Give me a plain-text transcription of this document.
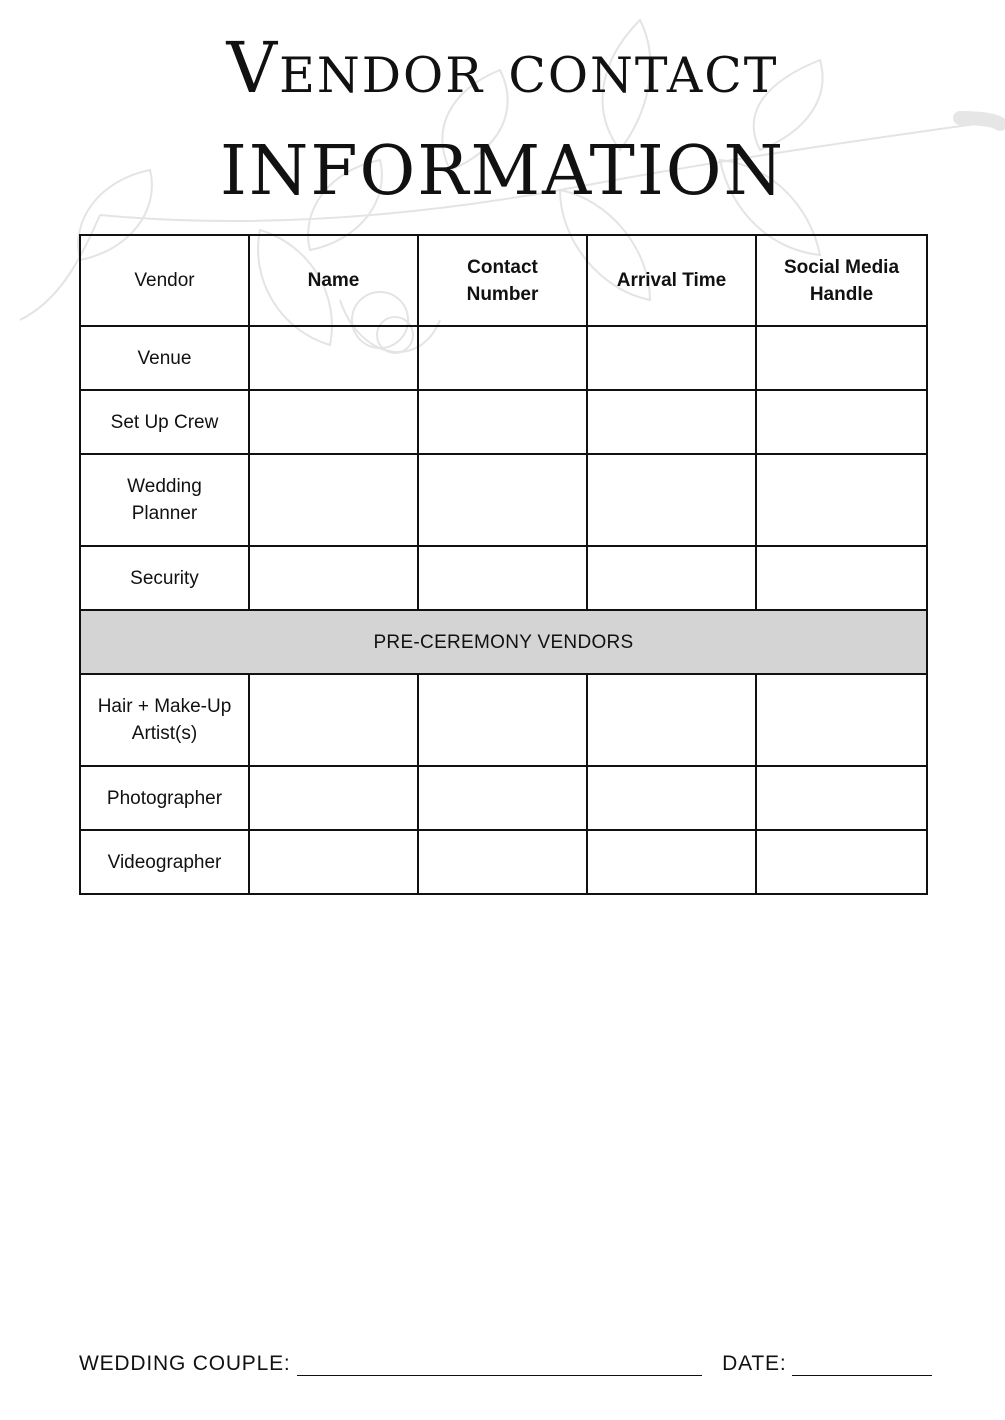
Vendor contact
INFORMATION
Vendor	Name	Contact Number	Arrival Time	Social Media Handle
Venue				
Set Up Crew				
Wedding Planner				
Security				
PRE-CEREMONY VENDORS				
Hair + Make-Up Artist(s)				
Photographer				
Videographer				
WEDDING COUPLE:	DATE:
